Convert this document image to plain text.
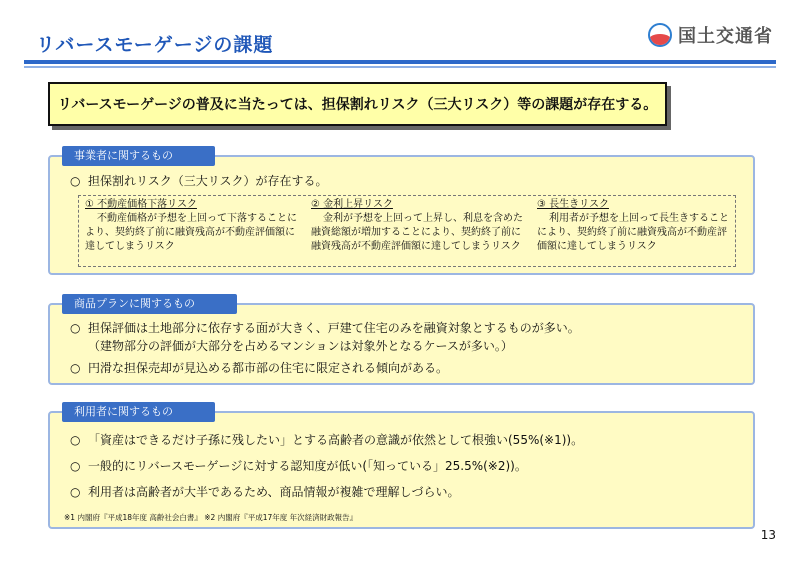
リバースモーゲージの課題	国土交通省
リバースモーゲージの普及に当たっては、担保割れリスク（三大リスク）等の課題が存在する。
事業者に関するもの
○ 担保割れリスク（三大リスク）が存在する。
① 不動産価格下落リスク
不動産価格が予想を上回って下落することにより、契約終了前に融資残高が不動産評価額に達してしまうリスク
② 金利上昇リスク
金利が予想を上回って上昇し、利息を含めた融資総額が増加することにより、契約終了前に融資残高が不動産評価額に達してしまうリスク
③ 長生きリスク
利用者が予想を上回って長生きすることにより、契約終了前に融資残高が不動産評価額に達してしまうリスク
商品プランに関するもの
○ 担保評価は土地部分に依存する面が大きく、戸建て住宅のみを融資対象とするものが多い。
（建物部分の評価が大部分を占めるマンションは対象外となるケースが多い。）
○ 円滑な担保売却が見込める都市部の住宅に限定される傾向がある。
利用者に関するもの
○ 「資産はできるだけ子孫に残したい」とする高齢者の意識が依然として根強い(55%(※1))。
○ 一般的にリバースモーゲージに対する認知度が低い(「知っている」25.5%(※2))。
○ 利用者は高齢者が大半であるため、商品情報が複雑で理解しづらい。
※1 内閣府『平成18年度 高齢社会白書』 ※2 内閣府『平成17年度 年次経済財政報告』
13
